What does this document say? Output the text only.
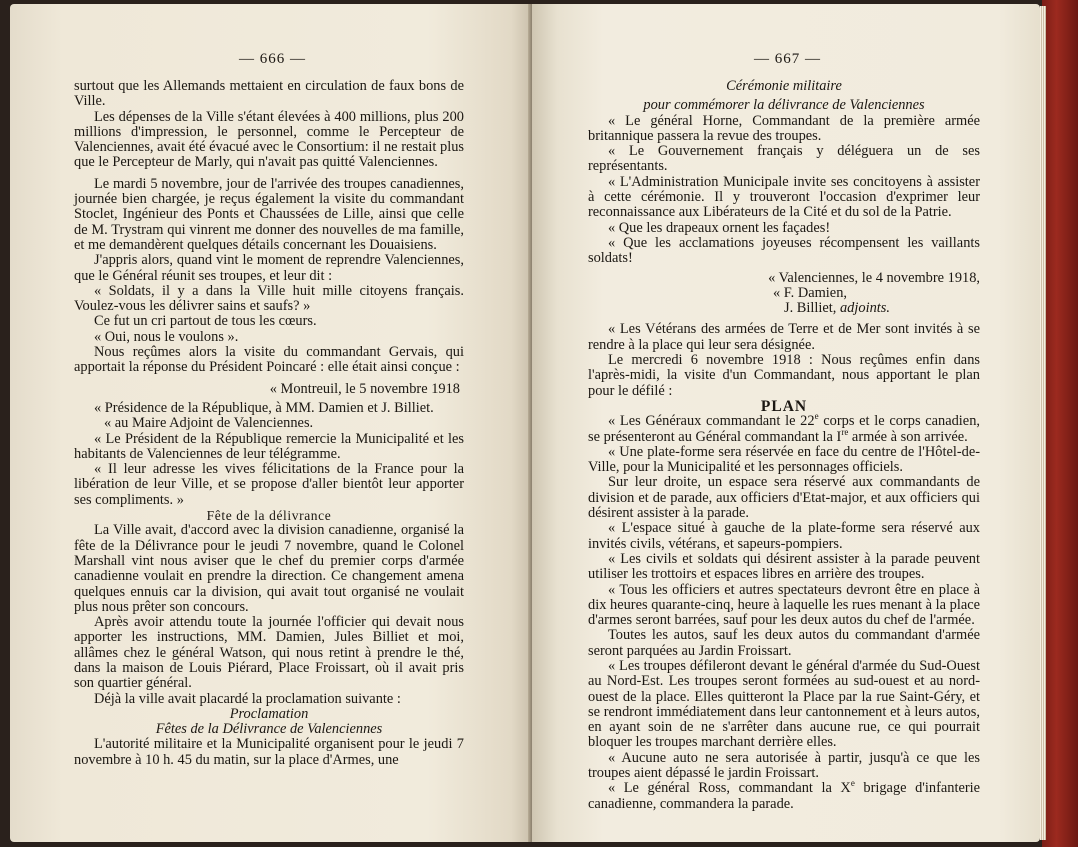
— 666 —

surtout que les Allemands mettaient en circulation de faux bons de Ville.

Les dépenses de la Ville s'étant élevées à 400 millions, plus 200 millions d'impression, le personnel, comme le Percepteur de Valenciennes, avait été évacué avec le Consortium: il ne restait plus que le Percepteur de Marly, qui n'avait pas quitté Valenciennes.

Le mardi 5 novembre, jour de l'arrivée des troupes canadiennes, journée bien chargée, je reçus également la visite du commandant Stoclet, Ingénieur des Ponts et Chaussées de Lille, ainsi que celle de M. Trystram qui vinrent me donner des nouvelles de ma famille, et me demandèrent quelques détails concernant les Douaisiens.

J'appris alors, quand vint le moment de reprendre Valenciennes, que le Général réunit ses troupes, et leur dit :

« Soldats, il y a dans la Ville huit mille citoyens français. Voulez-vous les délivrer sains et saufs? »

Ce fut un cri partout de tous les cœurs.

« Oui, nous le voulons ».

Nous reçûmes alors la visite du commandant Gervais, qui apportait la réponse du Président Poincaré : elle était ainsi conçue :

« Montreuil, le 5 novembre 1918

« Présidence de la République, à MM. Damien et J. Billiet.

« au Maire Adjoint de Valenciennes.

« Le Président de la République remercie la Municipalité et les habitants de Valenciennes de leur télégramme.

« Il leur adresse les vives félicitations de la France pour la libération de leur Ville, et se propose d'aller bientôt leur apporter ses compliments. »

Fête de la délivrance

La Ville avait, d'accord avec la division canadienne, organisé la fête de la Délivrance pour le jeudi 7 novembre, quand le Colonel Marshall vint nous aviser que le chef du premier corps d'armée canadienne voulait en prendre la direction. Ce changement amena quelques ennuis car la division, qui avait tout organisé ne voulait plus nous prêter son concours.

Après avoir attendu toute la journée l'officier qui devait nous apporter les instructions, MM. Damien, Jules Billiet et moi, allâmes chez le général Watson, qui nous retint à prendre le thé, dans la maison de Louis Piérard, Place Froissart, où il avait pris son quartier général.

Déjà la ville avait placardé la proclamation suivante :

Proclamation

Fêtes de la Délivrance de Valenciennes

L'autorité militaire et la Municipalité organisent pour le jeudi 7 novembre à 10 h. 45 du matin, sur la place d'Armes, une

— 667 —

Cérémonie militaire

pour commémorer la délivrance de Valenciennes

« Le général Horne, Commandant de la première armée britannique passera la revue des troupes.

« Le Gouvernement français y déléguera un de ses représentants.

« L'Administration Municipale invite ses concitoyens à assister à cette cérémonie. Il y trouveront l'occasion d'exprimer leur reconnaissance aux Libérateurs de la Cité et du sol de la Patrie.

« Que les drapeaux ornent les façades!

« Que les acclamations joyeuses récompensent les vaillants soldats!

« Valenciennes, le 4 novembre 1918,

« F. Damien,

J. Billiet, adjoints.

« Les Vétérans des armées de Terre et de Mer sont invités à se rendre à la place qui leur sera désignée.

Le mercredi 6 novembre 1918 : Nous reçûmes enfin dans l'après-midi, la visite d'un Commandant, nous apportant le plan pour le défilé :

PLAN

« Les Généraux commandant le 22e corps et le corps canadien, se présenteront au Général commandant la Ire armée à son arrivée.

« Une plate-forme sera réservée en face du centre de l'Hôtel-de-Ville, pour la Municipalité et les personnages officiels.

Sur leur droite, un espace sera réservé aux commandants de division et de parade, aux officiers d'Etat-major, et aux officiers qui désirent assister à la parade.

« L'espace situé à gauche de la plate-forme sera réservé aux invités civils, vétérans, et sapeurs-pompiers.

« Les civils et soldats qui désirent assister à la parade peuvent utiliser les trottoirs et espaces libres en arrière des troupes.

« Tous les officiers et autres spectateurs devront être en place à dix heures quarante-cinq, heure à laquelle les rues menant à la place d'armes seront barrées, sauf pour les deux autos du chef de l'armée.

Toutes les autos, sauf les deux autos du commandant d'armée seront parquées au Jardin Froissart.

« Les troupes défileront devant le général d'armée du Sud-Ouest au Nord-Est. Les troupes seront formées au sud-ouest et au nord-ouest de la place. Elles quitteront la Place par la rue Saint-Géry, et se rendront immédiatement dans leur cantonnement et à leurs autos, en ayant soin de ne s'arrêter dans aucune rue, ce qui pourrait bloquer les troupes marchant derrière elles.

« Aucune auto ne sera autorisée à partir, jusqu'à ce que les troupes aient dépassé le jardin Froissart.

« Le général Ross, commandant la Xe brigage d'infanterie canadienne, commandera la parade.
